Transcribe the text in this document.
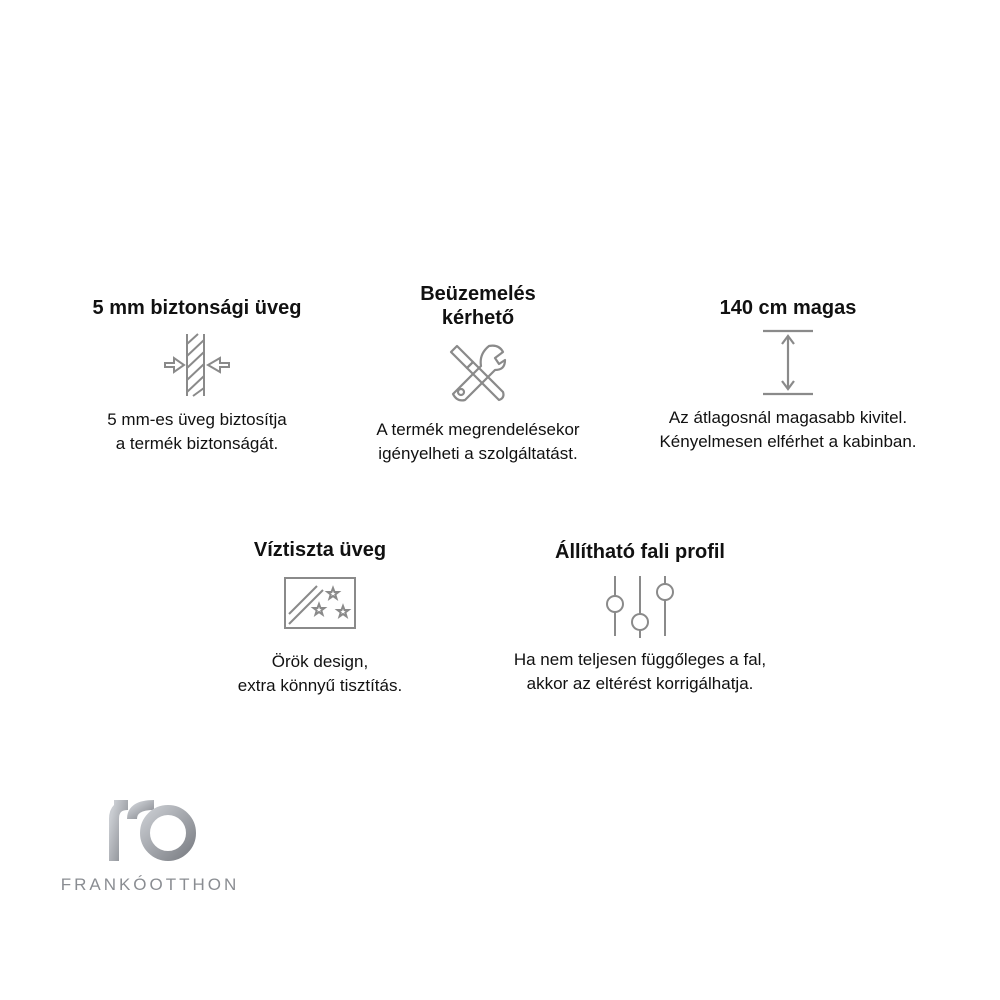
5 mm biztonsági üveg
5 mm-es üveg biztosítja
a termék biztonságát.
Beüzemelés
kérhető
A termék megrendelésekor
igényelheti a szolgáltatást.
140 cm magas
Az átlagosnál magasabb kivitel.
Kényelmesen elférhet a kabinban.
Víztiszta üveg
Örök design,
extra könnyű tisztítás.
Állítható fali profil
Ha nem teljesen függőleges a fal,
akkor az eltérést korrigálhatja.
FRANKÓOTTHON
